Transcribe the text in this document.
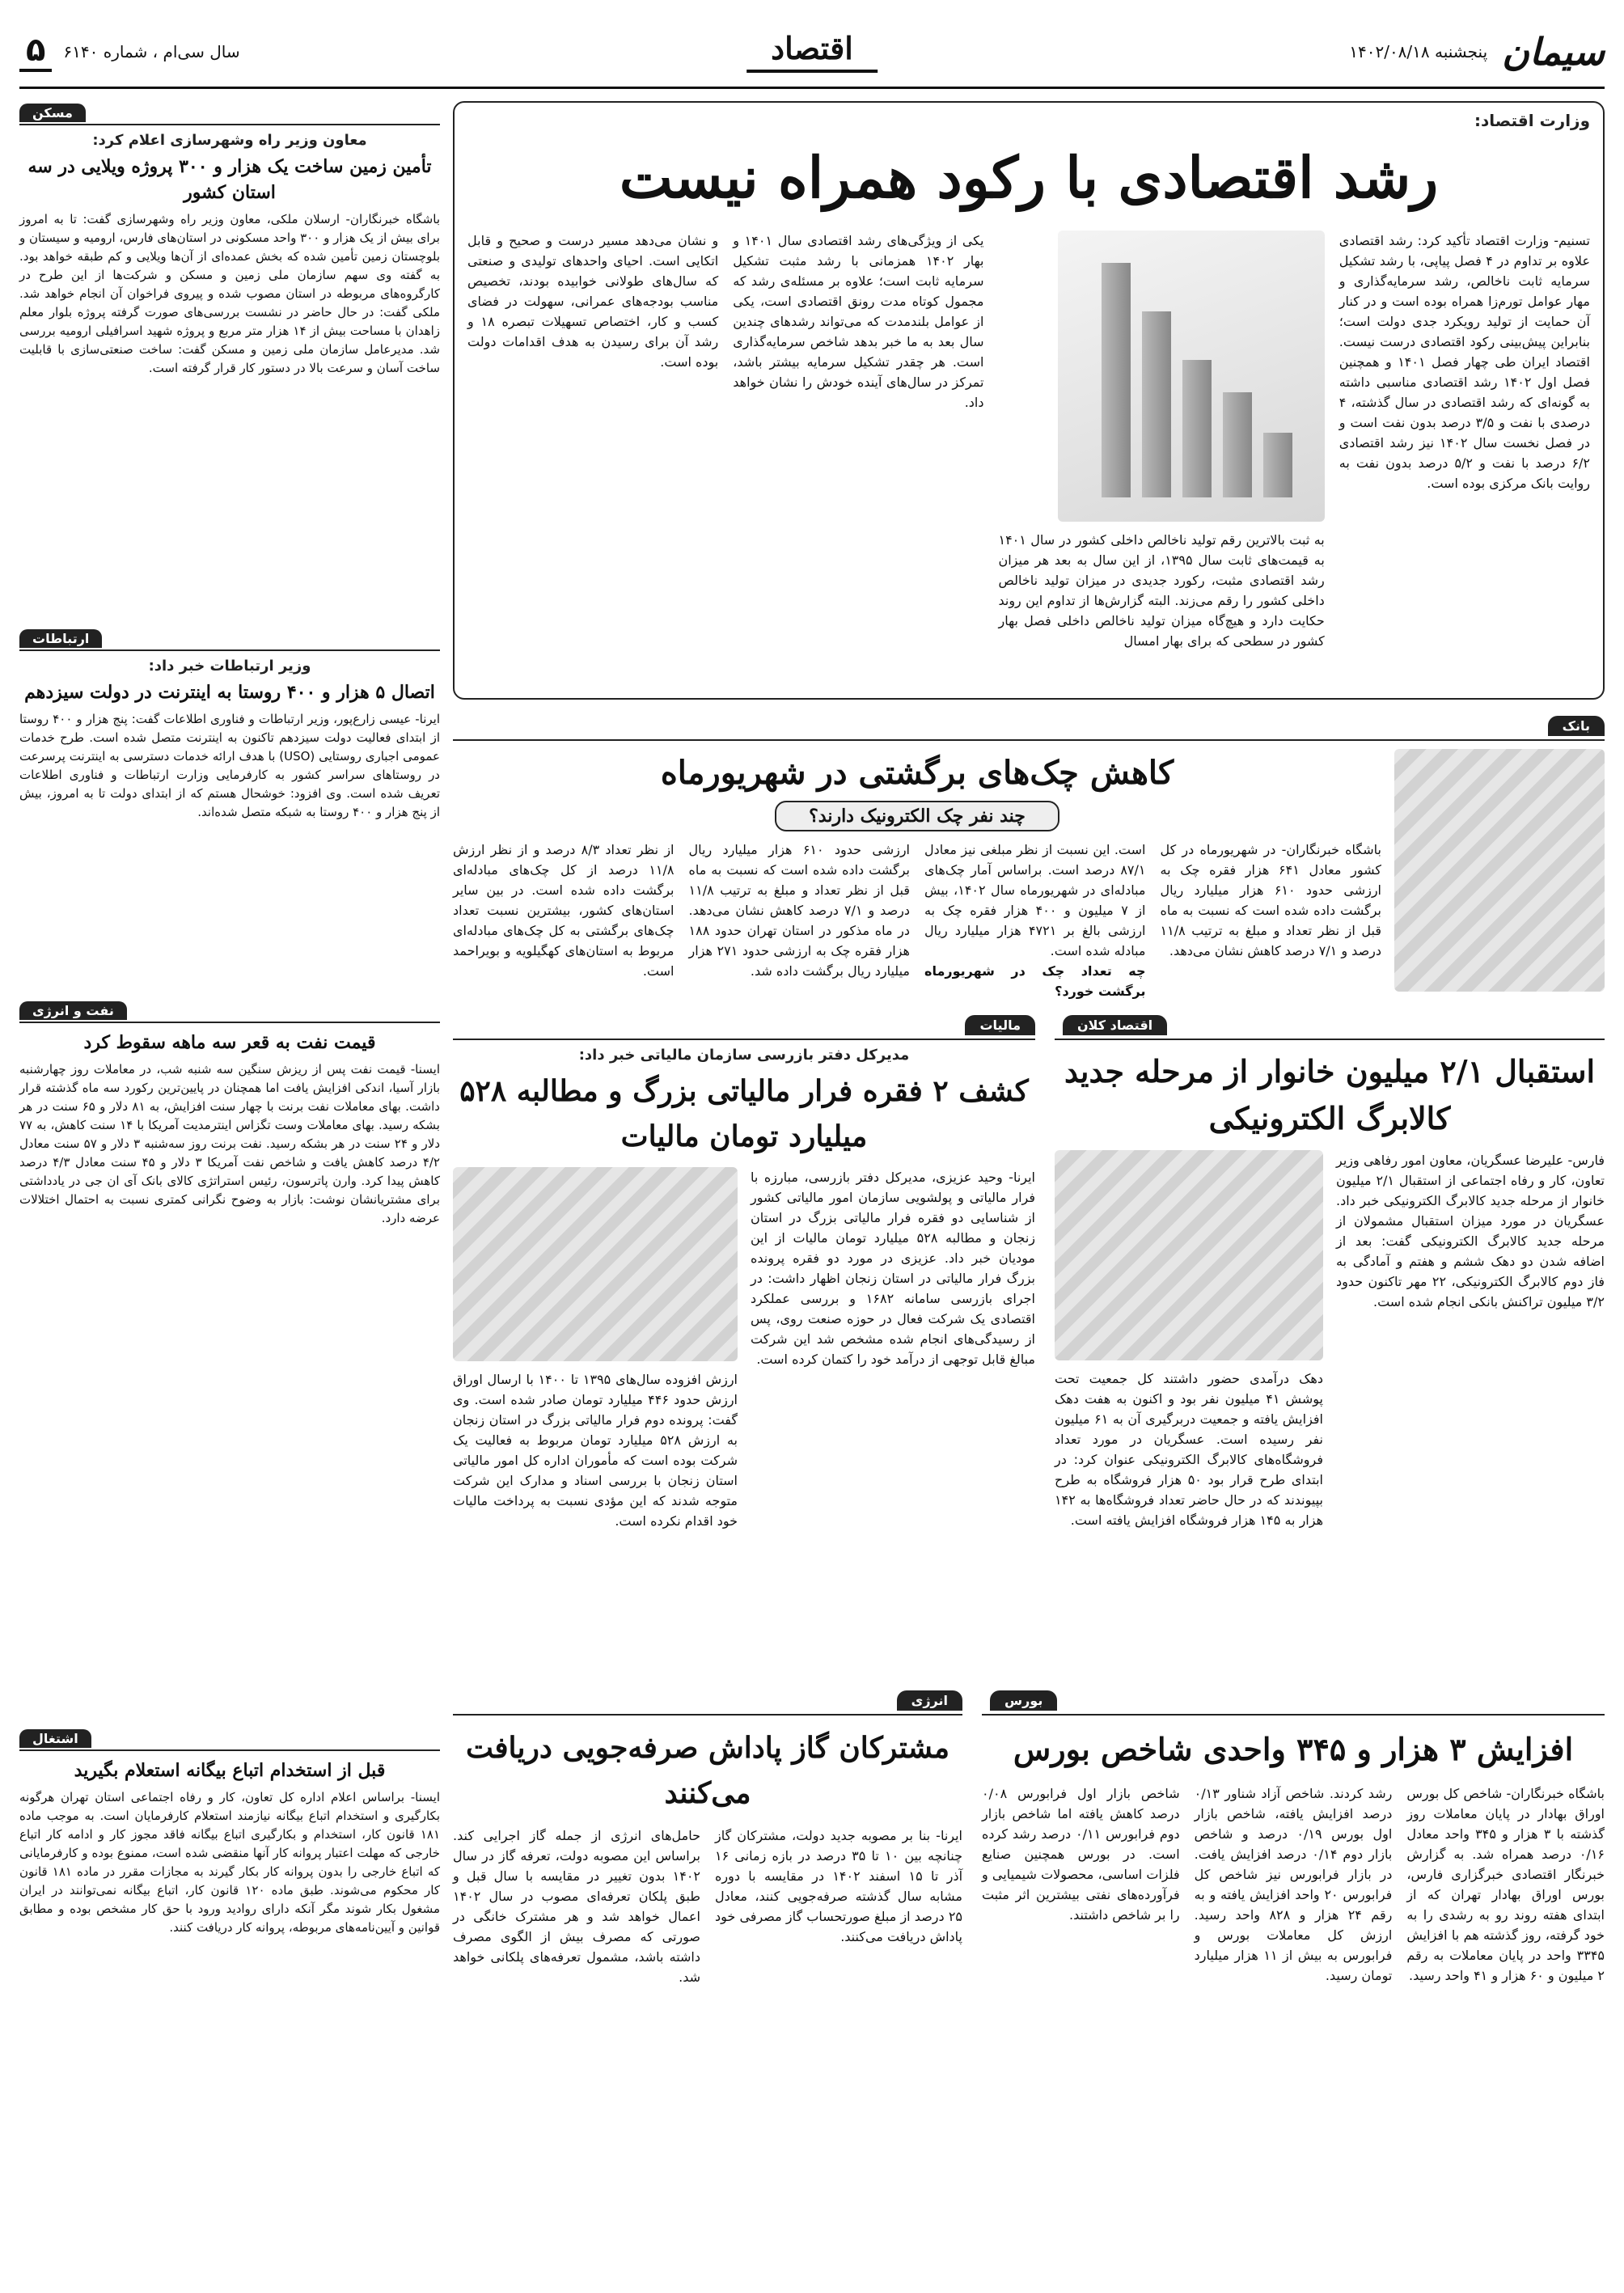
سیمان
پنجشنبه ۱۴۰۲/۰۸/۱۸
اقتصاد
سال سی‌ام ، شماره ۶۱۴۰
۵
مسکن
معاون وزیر راه وشهرسازی اعلام کرد:
تأمین زمین ساخت یک هزار و ۳۰۰ پروژه ویلایی در سه استان کشور
باشگاه خبرنگاران- ارسلان ملکی، معاون وزیر راه وشهرسازی گفت: تا به امروز برای بیش از یک هزار و ۳۰۰ واحد مسکونی در استان‌های فارس، ارومیه و سیستان و بلوچستان زمین تأمین شده که بخش عمده‌ای از آن‌ها ویلایی و کم طبقه خواهد بود. به گفته وی سهم سازمان ملی زمین و مسکن و شرکت‌ها از این طرح در کارگروه‌های مربوطه در استان مصوب شده و پیروی فراخوان آن انجام خواهد شد. ملکی گفت: در حال حاضر در نشست بررسی‌های صورت گرفته پروژه بلوار معلم زاهدان با مساحت بیش از ۱۴ هزار متر مربع و پروژه شهید اسرافیلی ارومیه بررسی شد. مدیرعامل سازمان ملی زمین و مسکن گفت: ساخت صنعتی‌سازی با قابلیت ساخت آسان و سرعت بالا در دستور کار قرار گرفته است.
ارتباطات
وزیر ارتباطات خبر داد:
اتصال ۵ هزار و ۴۰۰ روستا به اینترنت در دولت سیزدهم
ایرنا- عیسی زارع‌پور، وزیر ارتباطات و فناوری اطلاعات گفت: پنج هزار و ۴۰۰ روستا از ابتدای فعالیت دولت سیزدهم تاکنون به اینترنت متصل شده است. طرح خدمات عمومی اجباری روستایی (USO) با هدف ارائه خدمات دسترسی به اینترنت پرسرعت در روستاهای سراسر کشور به کارفرمایی وزارت ارتباطات و فناوری اطلاعات تعریف شده است. وی افزود: خوشحال هستم که از ابتدای دولت تا به امروز، بیش از پنج هزار و ۴۰۰ روستا به شبکه متصل شده‌اند.
نفت و انرژی
قیمت نفت به قعر سه ماهه سقوط کرد
ایسنا- قیمت نفت پس از ریزش سنگین سه شنبه شب، در معاملات روز چهارشنبه بازار آسیا، اندکی افزایش یافت اما همچنان در پایین‌ترین رکورد سه ماه گذشته قرار داشت. بهای معاملات نفت برنت با چهار سنت افزایش، به ۸۱ دلار و ۶۵ سنت در هر بشکه رسید. بهای معاملات وست تگزاس اینترمدیت آمریکا با ۱۴ سنت کاهش، به ۷۷ دلار و ۲۴ سنت در هر بشکه رسید. نفت برنت روز سه‌شنبه ۳ دلار و ۵۷ سنت معادل ۴/۲ درصد کاهش یافت و شاخص نفت آمریکا ۳ دلار و ۴۵ سنت معادل ۴/۳ درصد کاهش پیدا کرد. وارن پاترسون، رئیس استراتژی کالای بانک آی ان جی در یادداشتی برای مشتریانشان نوشت: بازار به وضوح نگرانی کمتری نسبت به احتمال اختلالات عرضه دارد.
اشتغال
قبل از استخدام اتباع بیگانه استعلام بگیرید
ایسنا- براساس اعلام اداره کل تعاون، کار و رفاه اجتماعی استان تهران هرگونه بکارگیری و استخدام اتباع بیگانه نیازمند استعلام کارفرمایان است. به موجب ماده ۱۸۱ قانون کار، استخدام و بکارگیری اتباع بیگانه فاقد مجوز کار و ادامه کار اتباع خارجی که مهلت اعتبار پروانه کار آنها منقضی شده است، ممنوع بوده و کارفرمایانی که اتباع خارجی را بدون پروانه کار بکار گیرند به مجازات مقرر در ماده ۱۸۱ قانون کار محکوم می‌شوند. طبق ماده ۱۲۰ قانون کار، اتباع بیگانه نمی‌توانند در ایران مشغول بکار شوند مگر آنکه دارای روادید ورود با حق کار مشخص بوده و مطابق قوانین و آیین‌نامه‌های مربوطه، پروانه کار دریافت کنند.
وزارت اقتصاد:
رشد اقتصادی با رکود همراه نیست
تسنیم- وزارت اقتصاد تأکید کرد: رشد اقتصادی علاوه بر تداوم در ۴ فصل پیاپی، با رشد تشکیل سرمایه ثابت ناخالص، رشد سرمایه‌گذاری و مهار عوامل تورم‌زا همراه بوده است و در کنار آن حمایت از تولید رویکرد جدی دولت است؛ بنابراین پیش‌بینی رکود اقتصادی درست نیست. اقتصاد ایران طی چهار فصل ۱۴۰۱ و همچنین فصل اول ۱۴۰۲ رشد اقتصادی مناسبی داشته به گونه‌ای که رشد اقتصادی در سال گذشته، ۴ درصدی با نفت و ۳/۵ درصد بدون نفت است و در فصل نخست سال ۱۴۰۲ نیز رشد اقتصادی ۶/۲ درصد با نفت و ۵/۲ درصد بدون نفت به روایت بانک مرکزی بوده است.
به ثبت بالاترین رقم تولید ناخالص داخلی کشور در سال ۱۴۰۱ به قیمت‌های ثابت سال ۱۳۹۵، از این سال به بعد هر میزان رشد اقتصادی مثبت، رکورد جدیدی در میزان تولید ناخالص داخلی کشور را رقم می‌زند. البته گزارش‌ها از تداوم این روند حکایت دارد و هیچ‌گاه میزان تولید ناخالص داخلی فصل بهار کشور در سطحی که برای بهار امسال
یکی از ویژگی‌های رشد اقتصادی سال ۱۴۰۱ و بهار ۱۴۰۲ همزمانی با رشد مثبت تشکیل سرمایه ثابت است؛ علاوه بر مسئله‌ی رشد که مجمول کوتاه مدت رونق اقتصادی است، یکی از عوامل بلندمدت که می‌تواند رشدهای چندین سال بعد به ما خبر بدهد شاخص سرمایه‌گذاری است. هر چقدر تشکیل سرمایه بیشتر باشد، تمرکز در سال‌های آینده خودش را نشان خواهد داد.
و نشان می‌دهد مسیر درست و صحیح و قابل اتکایی است. احیای واحدهای تولیدی و صنعتی که سال‌های طولانی خوابیده بودند، تخصیص مناسب بودجه‌های عمرانی، سهولت در فضای کسب و کار، اختصاص تسهیلات تبصره ۱۸ و رشد آن برای رسیدن به هدف اقدامات دولت بوده است.
بانک
کاهش چک‌های برگشتی در شهریورماه
چند نفر چک الکترونیک دارند؟
باشگاه خبرنگاران- در شهریورماه در کل کشور معادل ۶۴۱ هزار فقره چک به ارزشی حدود ۶۱۰ هزار میلیارد ریال برگشت داده شده است که نسبت به ماه قبل از نظر تعداد و مبلغ به ترتیب ۱۱/۸ درصد و ۷/۱ درصد کاهش نشان می‌دهد.
است. این نسبت از نظر مبلغی نیز معادل ۸۷/۱ درصد است. براساس آمار چک‌های مبادله‌ای در شهریورماه سال ۱۴۰۲، بیش از ۷ میلیون و ۴۰۰ هزار فقره چک به ارزشی بالغ بر ۴۷۲۱ هزار میلیارد ریال مبادله شده است.
چه تعداد چک در شهریورماه برگشت خورد؟
ارزشی حدود ۶۱۰ هزار میلیارد ریال برگشت داده شده است که نسبت به ماه قبل از نظر تعداد و مبلغ به ترتیب ۱۱/۸ درصد و ۷/۱ درصد کاهش نشان می‌دهد. در ماه مذکور در استان تهران حدود ۱۸۸ هزار فقره چک به ارزشی حدود ۲۷۱ هزار میلیارد ریال برگشت داده شد.
از نظر تعداد ۸/۳ درصد و از نظر ارزش ۱۱/۸ درصد از کل چک‌های مبادله‌ای برگشت داده شده است. در بین سایر استان‌های کشور، بیشترین نسبت تعداد چک‌های برگشتی به کل چک‌های مبادله‌ای مربوط به استان‌های کهگیلویه و بویراحمد است.
اقتصاد کلان
استقبال ۲/۱ میلیون خانوار از مرحله جدید کالابرگ الکترونیکی
فارس- علیرضا عسگریان، معاون امور رفاهی وزیر تعاون، کار و رفاه اجتماعی از استقبال ۲/۱ میلیون خانوار از مرحله جدید کالابرگ الکترونیکی خبر داد. عسگریان در مورد میزان استقبال مشمولان از مرحله جدید کالابرگ الکترونیکی گفت: بعد از اضافه شدن دو دهک ششم و هفتم و آمادگی به فاز دوم کالابرگ الکترونیکی، ۲۲ مهر تاکنون حدود ۳/۲ میلیون تراکنش بانکی انجام شده است.
دهک درآمدی حضور داشتند کل جمعیت تحت پوشش ۴۱ میلیون نفر بود و اکنون به هفت دهک افزایش یافته و جمعیت دربرگیری آن به ۶۱ میلیون نفر رسیده است. عسگریان در مورد تعداد فروشگاه‌های کالابرگ الکترونیکی عنوان کرد: در ابتدای طرح قرار بود ۵۰ هزار فروشگاه به طرح بپیوندند که در حال حاضر تعداد فروشگاه‌ها به ۱۴۲ هزار به ۱۴۵ هزار فروشگاه افزایش یافته است.
مالیات
مدیرکل دفتر بازرسی سازمان مالیاتی خبر داد:
کشف ۲ فقره فرار مالیاتی بزرگ و مطالبه ۵۲۸ میلیارد تومان مالیات
ایرنا- وحید عزیزی، مدیرکل دفتر بازرسی، مبارزه با فرار مالیاتی و پولشویی سازمان امور مالیاتی کشور از شناسایی دو فقره فرار مالیاتی بزرگ در استان زنجان و مطالبه ۵۲۸ میلیارد تومان مالیات از این مودیان خبر داد. عزیزی در مورد دو فقره پرونده بزرگ فرار مالیاتی در استان زنجان اظهار داشت: در اجرای بازرسی سامانه ۱۶۸۲ و بررسی عملکرد اقتصادی یک شرکت فعال در حوزه صنعت روی، پس از رسیدگی‌های انجام شده مشخص شد این شرکت مبالغ قابل توجهی از درآمد خود را کتمان کرده است.
ارزش افزوده سال‌های ۱۳۹۵ تا ۱۴۰۰ با ارسال اوراق ارزش حدود ۴۴۶ میلیارد تومان صادر شده است. وی گفت: پرونده دوم فرار مالیاتی بزرگ در استان زنجان به ارزش ۵۲۸ میلیارد تومان مربوط به فعالیت یک شرکت بوده است که مأموران اداره کل امور مالیاتی استان زنجان با بررسی اسناد و مدارک این شرکت متوجه شدند که این مؤدی نسبت به پرداخت مالیات خود اقدام نکرده است.
بورس
افزایش ۳ هزار و ۳۴۵ واحدی شاخص بورس
باشگاه خبرنگاران- شاخص کل بورس اوراق بهادار در پایان معاملات روز گذشته با ۳ هزار و ۳۴۵ واحد معادل ۰/۱۶ درصد همراه شد. به گزارش خبرنگار اقتصادی خبرگزاری فارس، بورس اوراق بهادار تهران که از ابتدای هفته روند رو به رشدی را به خود گرفته، روز گذشته هم با افزایش ۳۳۴۵ واحد در پایان معاملات به رقم ۲ میلیون و ۶۰ هزار و ۴۱ واحد رسید.
رشد کردند. شاخص آزاد شناور ۰/۱۳ درصد افزایش یافته، شاخص بازار اول بورس ۰/۱۹ درصد و شاخص بازار دوم ۰/۱۴ درصد افزایش یافت. در بازار فرابورس نیز شاخص کل فرابورس ۲۰ واحد افزایش یافته و به رقم ۲۴ هزار و ۸۲۸ واحد رسید. ارزش کل معاملات بورس و فرابورس به بیش از ۱۱ هزار میلیارد تومان رسید.
شاخص بازار اول فرابورس ۰/۰۸ درصد کاهش یافته اما شاخص بازار دوم فرابورس ۰/۱۱ درصد رشد کرده است. در بورس همچنین صنایع فلزات اساسی، محصولات شیمیایی و فرآورده‌های نفتی بیشترین اثر مثبت را بر شاخص داشتند.
انرژی
مشترکان گاز پاداش صرفه‌جویی دریافت می‌کنند
ایرنا- بنا بر مصوبه جدید دولت، مشترکان گاز چنانچه بین ۱۰ تا ۳۵ درصد در بازه زمانی ۱۶ آذر تا ۱۵ اسفند ۱۴۰۲ در مقایسه با دوره مشابه سال گذشته صرفه‌جویی کنند، معادل ۲۵ درصد از مبلغ صورتحساب گاز مصرفی خود پاداش دریافت می‌کنند.
حامل‌های انرژی از جمله گاز اجرایی کند. براساس این مصوبه دولت، تعرفه گاز در سال ۱۴۰۲ بدون تغییر در مقایسه با سال قبل و طبق پلکان تعرفه‌ای مصوب در سال ۱۴۰۲ اعمال خواهد شد و هر مشترک خانگی در صورتی که مصرف بیش از الگوی مصرف داشته باشد، مشمول تعرفه‌های پلکانی خواهد شد.
